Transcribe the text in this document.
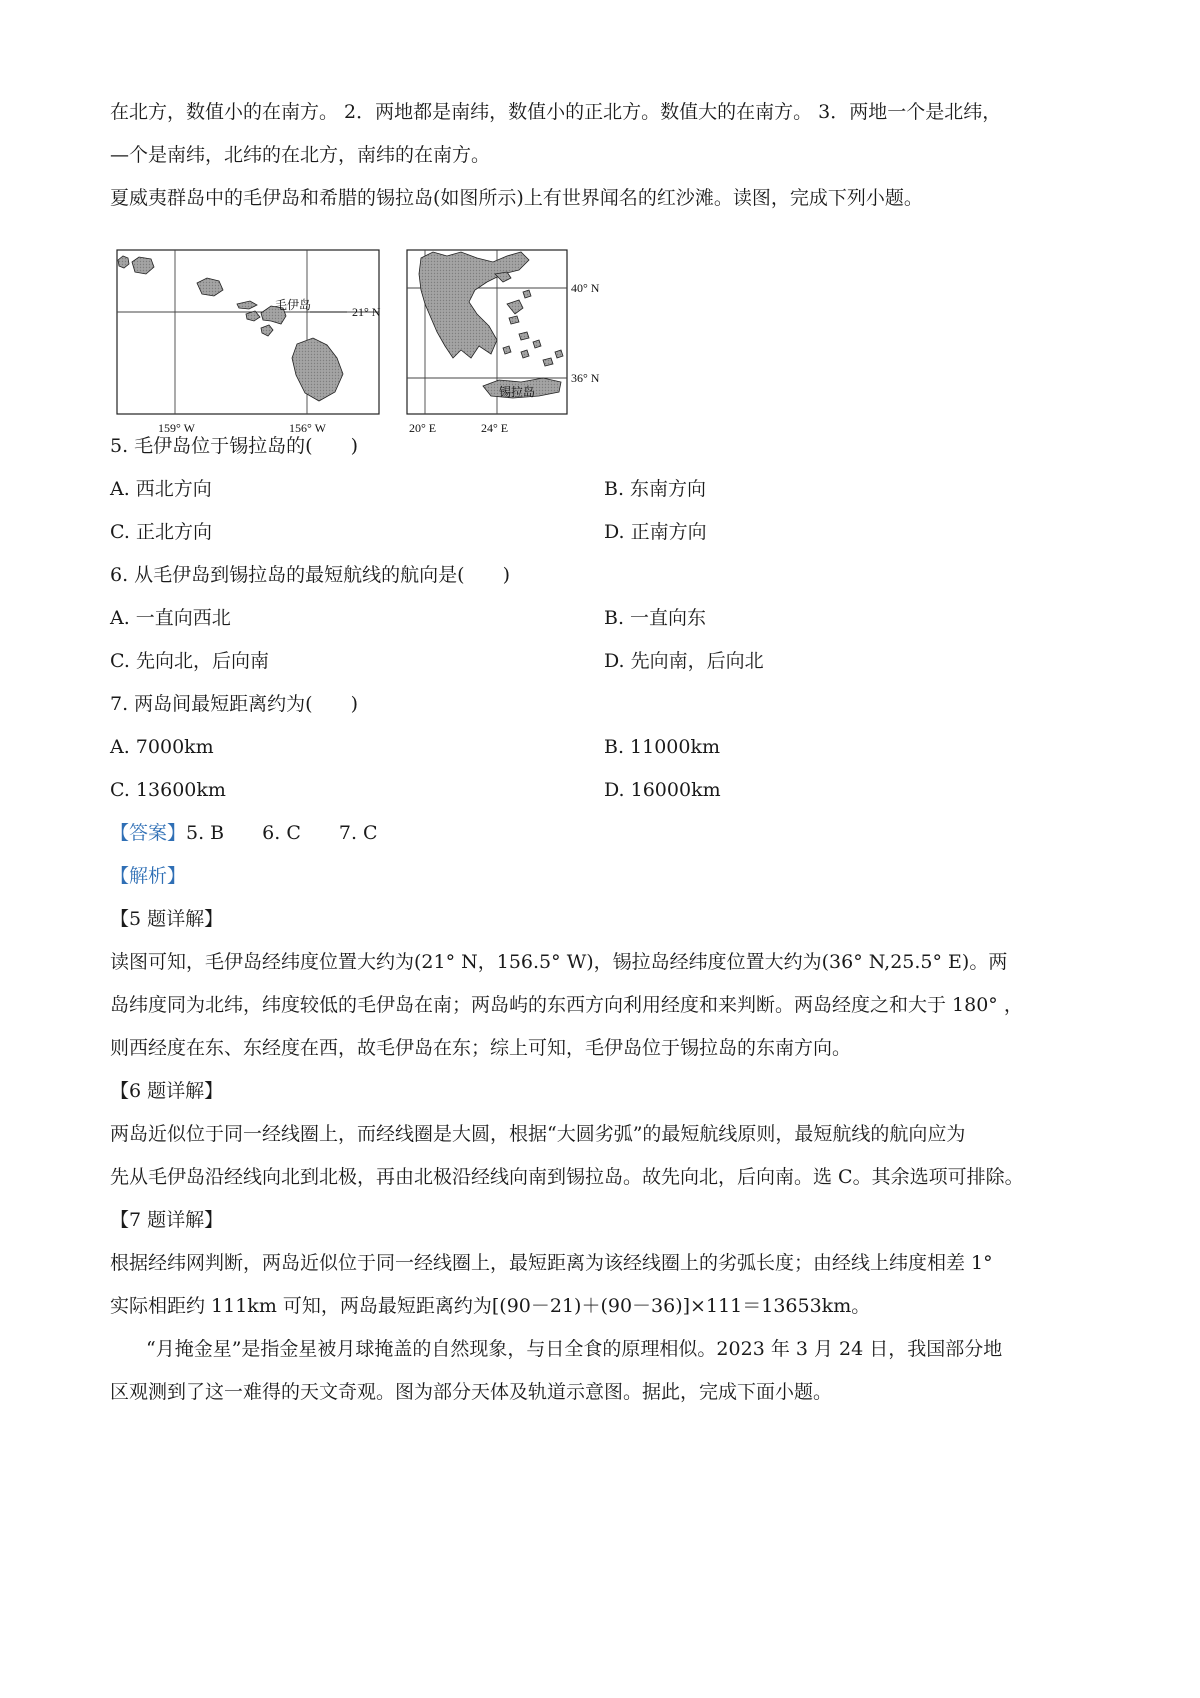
在北方，数值小的在南方。 2．两地都是南纬，数值小的正北方。数值大的在南方。 3．两地一个是北纬，
—个是南纬，北纬的在北方，南纬的在南方。
夏威夷群岛中的毛伊岛和希腊的锡拉岛(如图所示)上有世界闻名的红沙滩。读图，完成下列小题。
毛伊岛	21° N
159° W	156° W
40° N
36° N
锡拉岛
20° E	24° E
5. 毛伊岛位于锡拉岛的(　　)
A. 西北方向	B. 东南方向
C. 正北方向	D. 正南方向
6. 从毛伊岛到锡拉岛的最短航线的航向是(　　)
A. 一直向西北	B. 一直向东
C. 先向北，后向南	D. 先向南，后向北
7. 两岛间最短距离约为(　　)
A. 7000km	B. 11000km
C. 13600km	D. 16000km
【答案】5. B 6. C 7. C
【解析】
【5 题详解】
读图可知，毛伊岛经纬度位置大约为(21° N，156.5° W)，锡拉岛经纬度位置大约为(36° N,25.5° E)。两
岛纬度同为北纬，纬度较低的毛伊岛在南；两岛屿的东西方向利用经度和来判断。两岛经度之和大于 180° ，
则西经度在东、东经度在西，故毛伊岛在东；综上可知，毛伊岛位于锡拉岛的东南方向。
【6 题详解】
两岛近似位于同一经线圈上，而经线圈是大圆，根据“大圆劣弧”的最短航线原则，最短航线的航向应为
先从毛伊岛沿经线向北到北极，再由北极沿经线向南到锡拉岛。故先向北，后向南。选 C。其余选项可排除。
【7 题详解】
根据经纬网判断，两岛近似位于同一经线圈上，最短距离为该经线圈上的劣弧长度；由经线上纬度相差 1°
实际相距约 111km 可知，两岛最短距离约为[(90－21)＋(90－36)]×111＝13653km。
“月掩金星”是指金星被月球掩盖的自然现象，与日全食的原理相似。2023 年 3 月 24 日，我国部分地
区观测到了这一难得的天文奇观。图为部分天体及轨道示意图。据此，完成下面小题。
